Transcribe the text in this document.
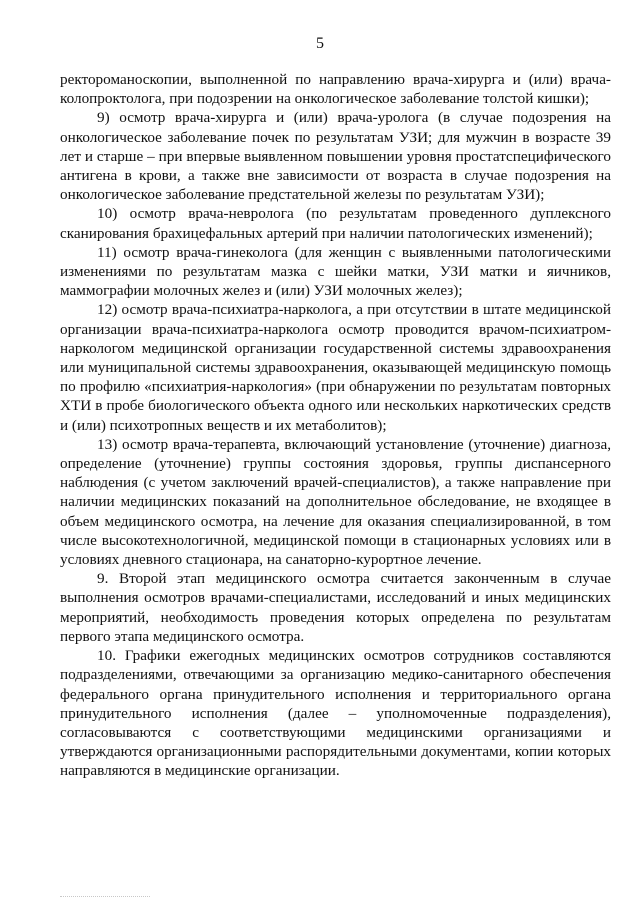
5

ректороманоскопии, выполненной по направлению врача-хирурга и (или) врача-колопроктолога, при подозрении на онкологическое заболевание толстой кишки);

9) осмотр врача-хирурга и (или) врача-уролога (в случае подозрения на онкологическое заболевание почек по результатам УЗИ; для мужчин в возрасте 39 лет и старше – при впервые выявленном повышении уровня простатспецифического антигена в крови, а также вне зависимости от возраста в случае подозрения на онкологическое заболевание предстательной железы по результатам УЗИ);

10) осмотр врача-невролога (по результатам проведенного дуплексного сканирования брахицефальных артерий при наличии патологических изменений);

11) осмотр врача-гинеколога (для женщин с выявленными патологическими изменениями по результатам мазка с шейки матки, УЗИ матки и яичников, маммографии молочных желез и (или) УЗИ молочных желез);

12) осмотр врача-психиатра-нарколога, а при отсутствии в штате медицинской организации врача-психиатра-нарколога осмотр проводится врачом-психиатром-наркологом медицинской организации государственной системы здравоохранения или муниципальной системы здравоохранения, оказывающей медицинскую помощь по профилю «психиатрия-наркология» (при обнаружении по результатам повторных ХТИ в пробе биологического объекта одного или нескольких наркотических средств и (или) психотропных веществ и их метаболитов);

13) осмотр врача-терапевта, включающий установление (уточнение) диагноза, определение (уточнение) группы состояния здоровья, группы диспансерного наблюдения (с учетом заключений врачей-специалистов), а также направление при наличии медицинских показаний на дополнительное обследование, не входящее в объем медицинского осмотра, на лечение для оказания специализированной, в том числе высокотехнологичной, медицинской помощи в стационарных условиях или в условиях дневного стационара, на санаторно-курортное лечение.

9. Второй этап медицинского осмотра считается законченным в случае выполнения осмотров врачами-специалистами, исследований и иных медицинских мероприятий, необходимость проведения которых определена по результатам первого этапа медицинского осмотра.

10. Графики ежегодных медицинских осмотров сотрудников составляются подразделениями, отвечающими за организацию медико-санитарного обеспечения федерального органа принудительного исполнения и территориального органа принудительного исполнения (далее – уполномоченные подразделения), согласовываются с соответствующими медицинскими организациями и утверждаются организационными распорядительными документами, копии которых направляются в медицинские организации.
